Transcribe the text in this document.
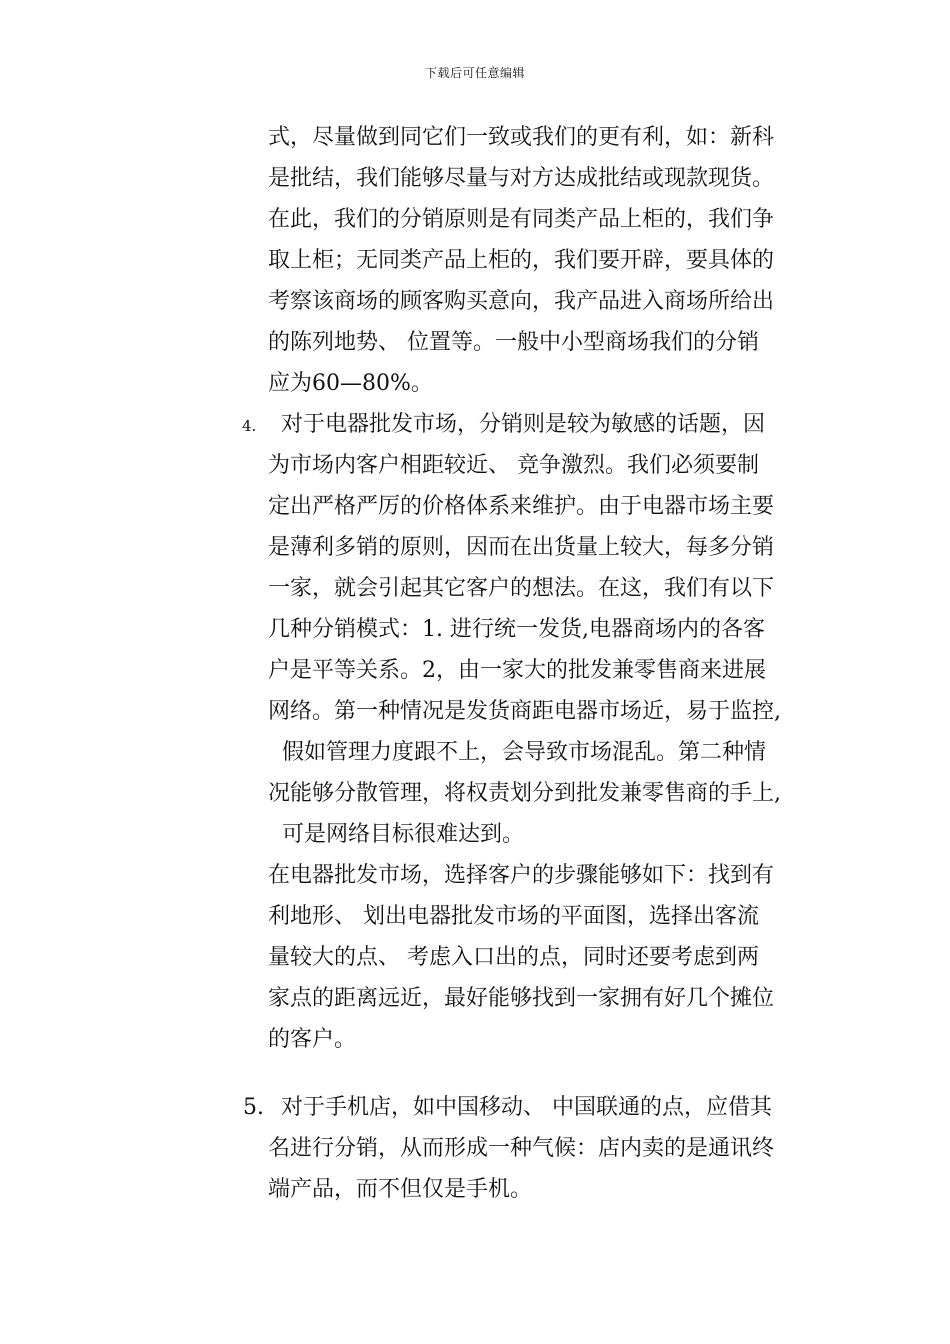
下载后可任意编辑
式，尽量做到同它们一致或我们的更有利，如：新科
是批结，我们能够尽量与对方达成批结或现款现货。
在此，我们的分销原则是有同类产品上柜的，我们争
取上柜；无同类产品上柜的，我们要开辟，要具体的
考察该商场的顾客购买意向，我产品进入商场所给出
的陈列地势、 位置等。一般中小型商场我们的分销
应为60—80%。
4. 对于电器批发市场，分销则是较为敏感的话题，因
为市场内客户相距较近、 竞争激烈。我们必须要制
定出严格严厉的价格体系来维护。由于电器市场主要
是薄利多销的原则，因而在出货量上较大，每多分销
一家，就会引起其它客户的想法。在这，我们有以下
几种分销模式：1. 进行统一发货,电器商场内的各客
户是平等关系。2，由一家大的批发兼零售商来进展
网络。第一种情况是发货商距电器市场近，易于监控,
假如管理力度跟不上，会导致市场混乱。第二种情
况能够分散管理，将权责划分到批发兼零售商的手上,
可是网络目标很难达到。
在电器批发市场，选择客户的步骤能够如下：找到有
利地形、 划出电器批发市场的平面图，选择出客流
量较大的点、 考虑入口出的点，同时还要考虑到两
家点的距离远近，最好能够找到一家拥有好几个摊位
的客户。
5. 对于手机店，如中国移动、 中国联通的点，应借其
名进行分销，从而形成一种气候：店内卖的是通讯终
端产品，而不但仅是手机。
